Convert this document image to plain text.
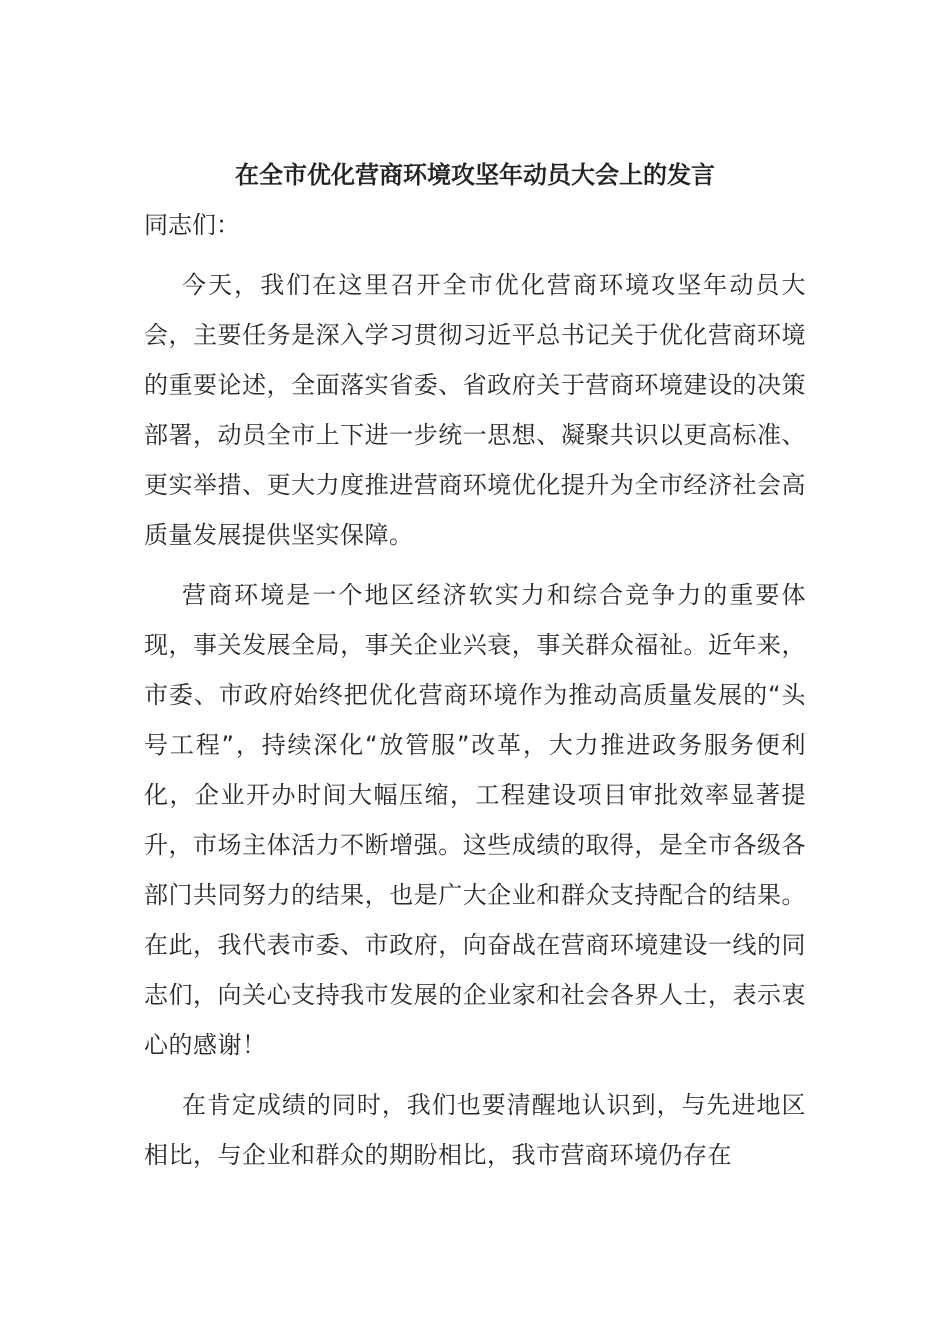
在全市优化营商环境攻坚年动员大会上的发言
同志们：

今天，我们在这里召开全市优化营商环境攻坚年动员大会，主要任务是深入学习贯彻习近平总书记关于优化营商环境的重要论述，全面落实省委、省政府关于营商环境建设的决策部署，动员全市上下进一步统一思想、凝聚共识以更高标准、更实举措、更大力度推进营商环境优化提升为全市经济社会高质量发展提供坚实保障。

营商环境是一个地区经济软实力和综合竞争力的重要体现，事关发展全局，事关企业兴衰，事关群众福祉。近年来，市委、市政府始终把优化营商环境作为推动高质量发展的“头号工程”，持续深化“放管服”改革，大力推进政务服务便利化，企业开办时间大幅压缩，工程建设项目审批效率显著提升，市场主体活力不断增强。这些成绩的取得，是全市各级各部门共同努力的结果，也是广大企业和群众支持配合的结果。在此，我代表市委、市政府，向奋战在营商环境建设一线的同志们，向关心支持我市发展的企业家和社会各界人士，表示衷心的感谢！

在肯定成绩的同时，我们也要清醒地认识到，与先进地区相比，与企业和群众的期盼相比，我市营商环境仍存在
